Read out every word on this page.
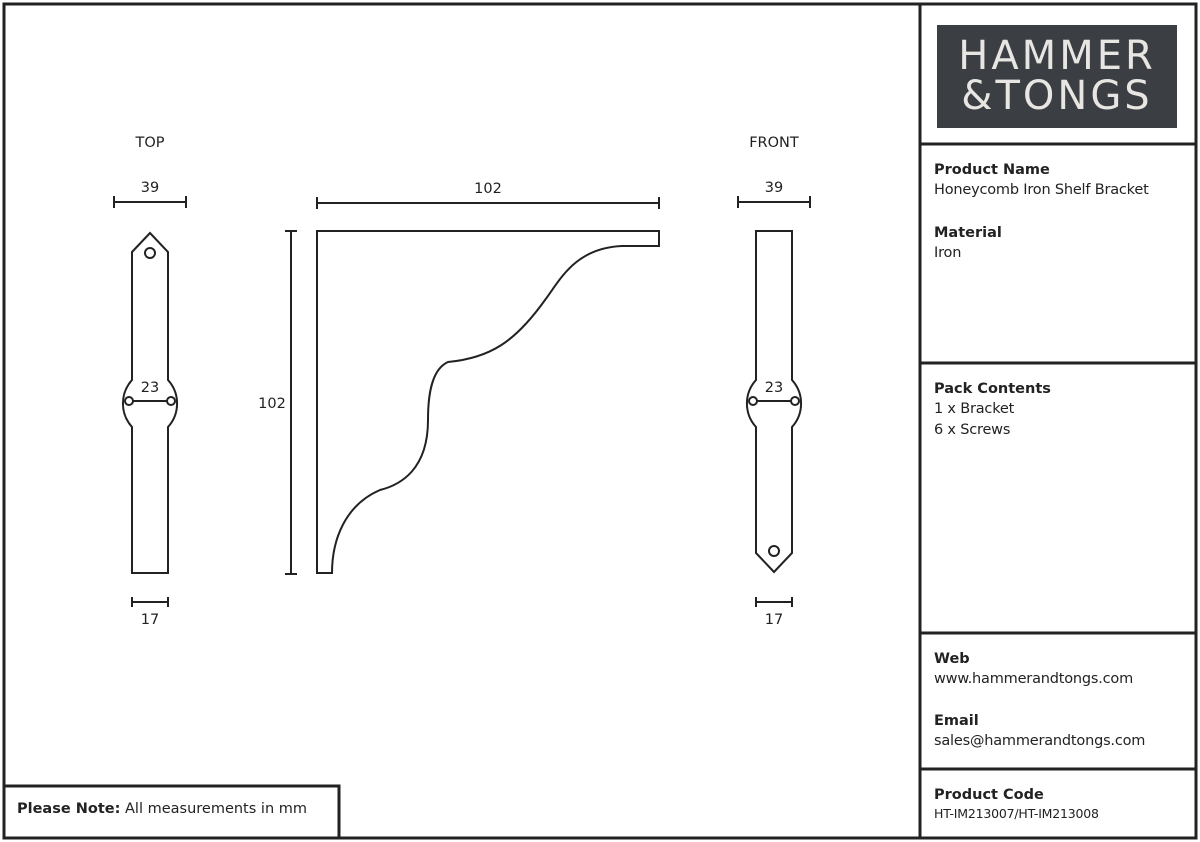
TOP
39
23
17
102
102
FRONT
39
23
17
HAMMER
&TONGS
Product Name
Honeycomb Iron Shelf Bracket
Material
Iron
Pack Contents
1 x Bracket
6 x Screws
Web
www.hammerandtongs.com
Email
sales@hammerandtongs.com
Product Code
HT-IM213007/HT-IM213008
Please Note: All measurements in mm
